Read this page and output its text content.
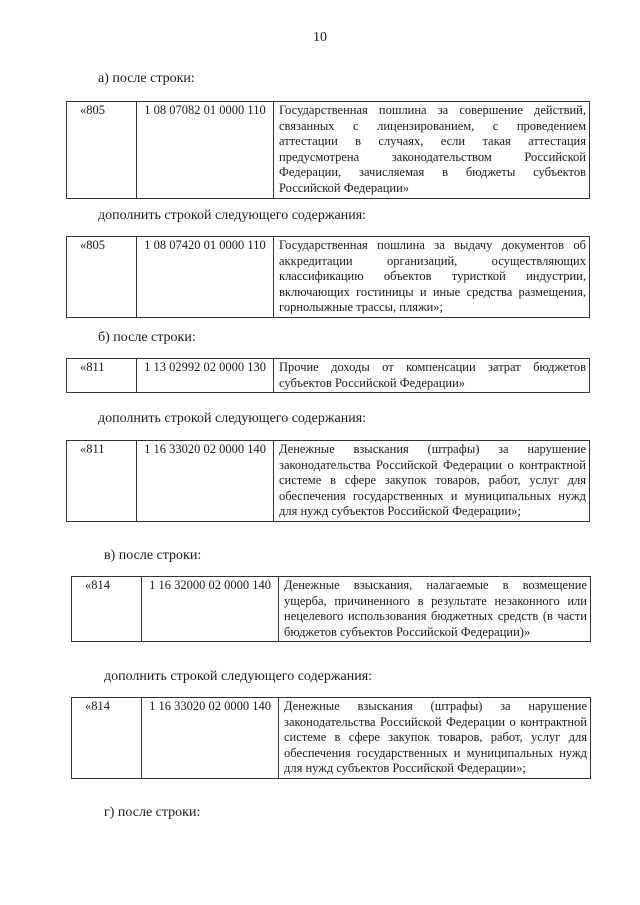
10
а) после строки:
«805	1 08 07082 01 0000 110	Государственная пошлина за совершение действий, связанных с лицензированием, с проведением аттестации в случаях, если такая аттестация предусмотрена законодательством Российской Федерации, зачисляемая в бюджеты субъектов Российской Федерации»
дополнить строкой следующего содержания:
«805	1 08 07420 01 0000 110	Государственная пошлина за выдачу документов об аккредитации организаций, осуществляющих классификацию объектов туристкой индустрии, включающих гостиницы и иные средства размещения, горнолыжные трассы, пляжи»;
б) после строки:
«811	1 13 02992 02 0000 130	Прочие доходы от компенсации затрат бюджетов субъектов Российской Федерации»
дополнить строкой следующего содержания:
«811	1 16 33020 02 0000 140	Денежные взыскания (штрафы) за нарушение законодательства Российской Федерации о контрактной системе в сфере закупок товаров, работ, услуг для обеспечения государственных и муниципальных нужд для нужд субъектов Российской Федерации»;
в) после строки:
«814	1 16 32000 02 0000 140	Денежные взыскания, налагаемые в возмещение ущерба, причиненного в результате незаконного или нецелевого использования бюджетных средств (в части бюджетов субъектов Российской Федерации)»
дополнить строкой следующего содержания:
«814	1 16 33020 02 0000 140	Денежные взыскания (штрафы) за нарушение законодательства Российской Федерации о контрактной системе в сфере закупок товаров, работ, услуг для обеспечения государственных и муниципальных нужд для нужд субъектов Российской Федерации»;
г) после строки:
